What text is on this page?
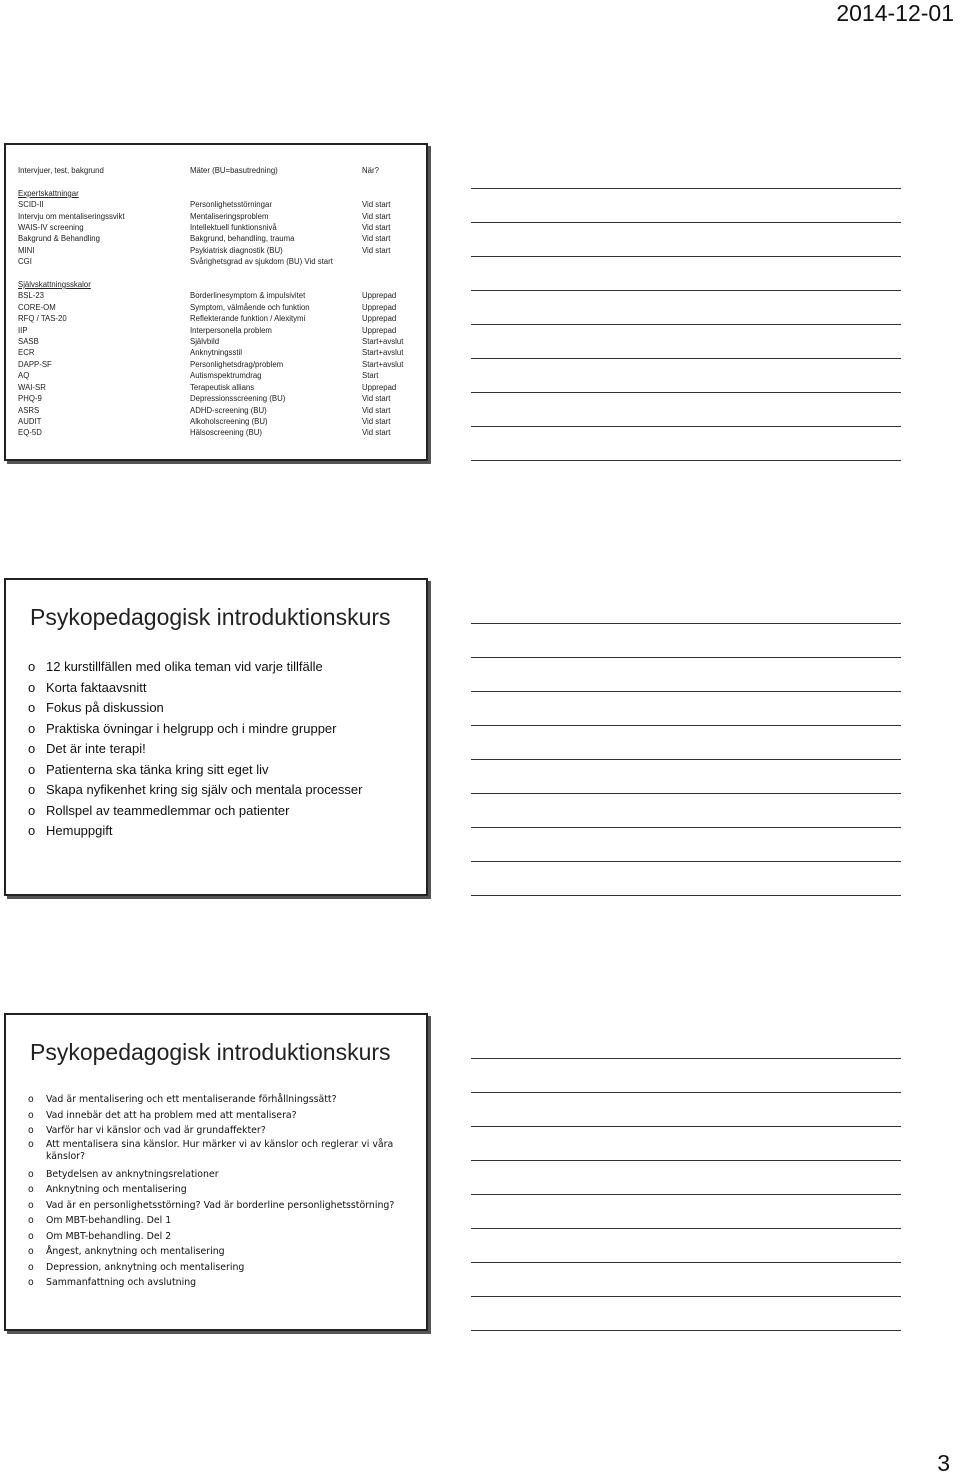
2014-12-01
Intervjuer, test, bakgrund	Mäter (BU=basutredning)	När?
Expertskattningar
SCID-II	Personlighetsstörningar	Vid start
Intervju om mentaliseringssvikt	Mentaliseringsproblem	Vid start
WAIS-IV screening	Intellektuell funktionsnivå	Vid start
Bakgrund & Behandling	Bakgrund, behandling, trauma	Vid start
MINI	Psykiatrisk diagnostik (BU)	Vid start
CGI	Svårighetsgrad av sjukdom (BU) Vid start
Självskattningsskalor
BSL-23	Borderlinesymptom & impulsivitet	Upprepad
CORE-OM	Symptom, välmående och funktion	Upprepad
RFQ / TAS-20	Reflekterande funktion / Alexitymi	Upprepad
IIP	Interpersonella problem	Upprepad
SASB	Självbild	Start+avslut
ECR	Anknytningsstil	Start+avslut
DAPP-SF	Personlighetsdrag/problem	Start+avslut
AQ	Autismspektrumdrag	Start
WAI-SR	Terapeutisk allians	Upprepad
PHQ-9	Depressionsscreening (BU)	Vid start
ASRS	ADHD-screening (BU)	Vid start
AUDIT	Alkoholscreening (BU)	Vid start
EQ-5D	Hälsoscreening (BU)	Vid start
Psykopedagogisk introduktionskurs
o 12 kurstillfällen med olika teman vid varje tillfälle
o Korta faktaavsnitt
o Fokus på diskussion
o Praktiska övningar i helgrupp och i mindre grupper
o Det är inte terapi!
o Patienterna ska tänka kring sitt eget liv
o Skapa nyfikenhet kring sig själv och mentala processer
o Rollspel av teammedlemmar och patienter
o Hemuppgift
Psykopedagogisk introduktionskurs
o Vad är mentalisering och ett mentaliserande förhållningssätt?
o Vad innebär det att ha problem med att mentalisera?
o Varför har vi känslor och vad är grundaffekter?
o Att mentalisera sina känslor. Hur märker vi av känslor och reglerar vi våra känslor?
o Betydelsen av anknytningsrelationer
o Anknytning och mentalisering
o Vad är en personlighetsstörning? Vad är borderline personlighetsstörning?
o Om MBT-behandling. Del 1
o Om MBT-behandling. Del 2
o Ångest, anknytning och mentalisering
o Depression, anknytning och mentalisering
o Sammanfattning och avslutning
3
